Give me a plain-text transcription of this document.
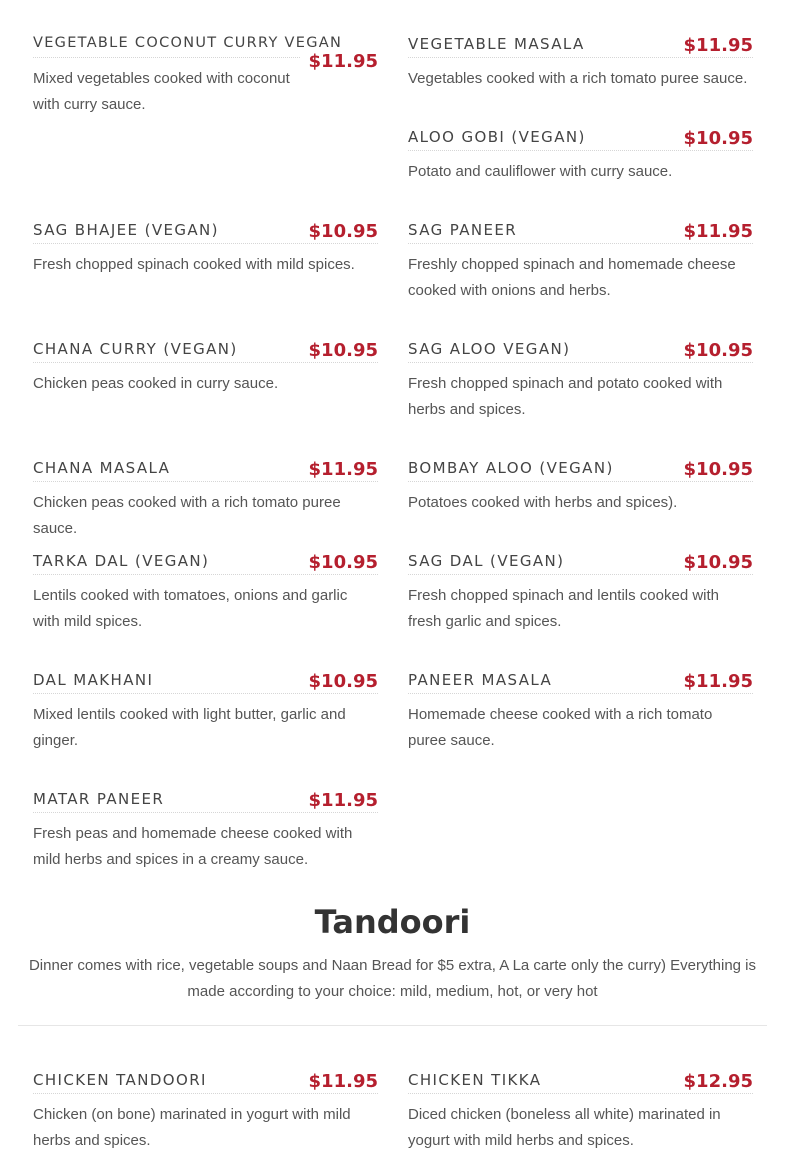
VEGETABLE COCONUT CURRY VEGAN
$11.95
Mixed vegetables cooked with coconut with curry sauce.
VEGETABLE MASALA	$11.95
Vegetables cooked with a rich tomato puree sauce.
ALOO GOBI (VEGAN)	$10.95
Potato and cauliflower with curry sauce.
SAG BHAJEE (VEGAN)	$10.95
Fresh chopped spinach cooked with mild spices.
SAG PANEER	$11.95
Freshly chopped spinach and homemade cheese cooked with onions and herbs.
CHANA CURRY (VEGAN)	$10.95
Chicken peas cooked in curry sauce.
SAG ALOO VEGAN)	$10.95
Fresh chopped spinach and potato cooked with herbs and spices.
CHANA MASALA	$11.95
Chicken peas cooked with a rich tomato puree sauce.
BOMBAY ALOO (VEGAN)	$10.95
Potatoes cooked with herbs and spices).
TARKA DAL (VEGAN)	$10.95
Lentils cooked with tomatoes, onions and garlic with mild spices.
SAG DAL (VEGAN)	$10.95
Fresh chopped spinach and lentils cooked with fresh garlic and spices.
DAL MAKHANI	$10.95
Mixed lentils cooked with light butter, garlic and ginger.
PANEER MASALA	$11.95
Homemade cheese cooked with a rich tomato puree sauce.
MATAR PANEER	$11.95
Fresh peas and homemade cheese cooked with mild herbs and spices in a creamy sauce.
Tandoori

Dinner comes with rice, vegetable soups and Naan Bread for $5 extra, A La carte only the curry) Everything is made according to your choice: mild, medium, hot, or very hot

CHICKEN TANDOORI	$11.95
Chicken (on bone) marinated in yogurt with mild herbs and spices.
CHICKEN TIKKA	$12.95
Diced chicken (boneless all white) marinated in yogurt with mild herbs and spices.
